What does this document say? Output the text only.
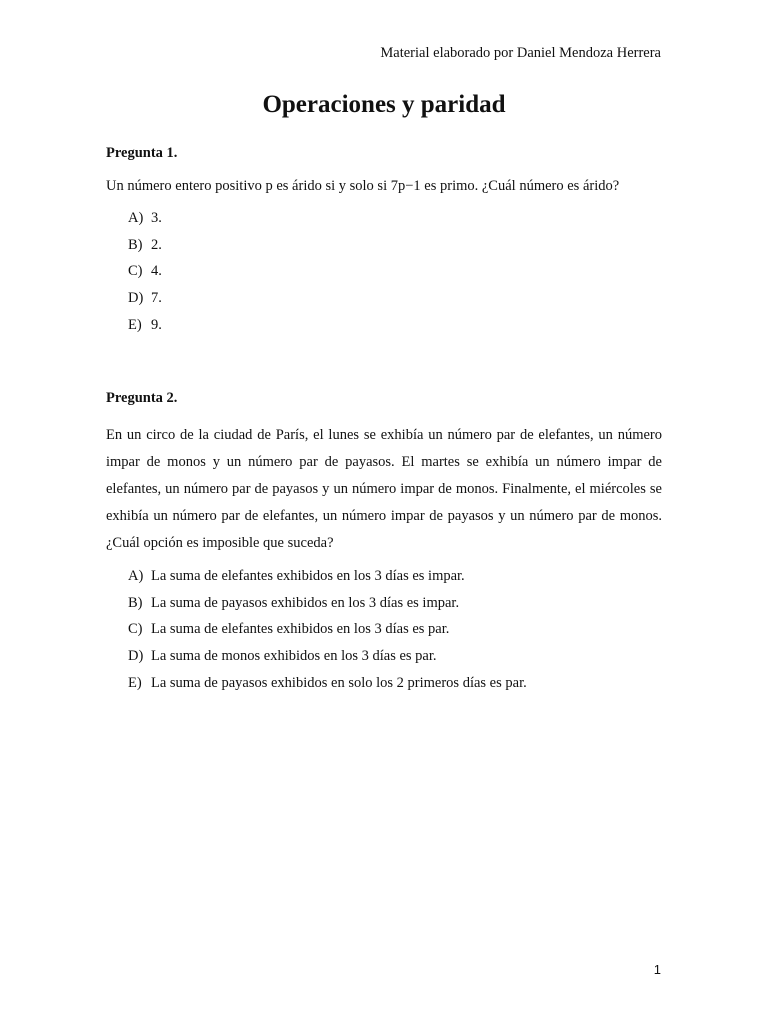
Material elaborado por Daniel Mendoza Herrera
Operaciones y paridad

Pregunta 1.

Un número entero positivo p es árido si y solo si 7p−1 es primo. ¿Cuál número es árido?

A) 3.
B) 2.
C) 4.
D) 7.
E) 9.

Pregunta 2.

En un circo de la ciudad de París, el lunes se exhibía un número par de elefantes, un número impar de monos y un número par de payasos. El martes se exhibía un número impar de elefantes, un número par de payasos y un número impar de monos. Finalmente, el miércoles se exhibía un número par de elefantes, un número impar de payasos y un número par de monos. ¿Cuál opción es imposible que suceda?

A) La suma de elefantes exhibidos en los 3 días es impar.
B) La suma de payasos exhibidos en los 3 días es impar.
C) La suma de elefantes exhibidos en los 3 días es par.
D) La suma de monos exhibidos en los 3 días es par.
E) La suma de payasos exhibidos en solo los 2 primeros días es par.
1
